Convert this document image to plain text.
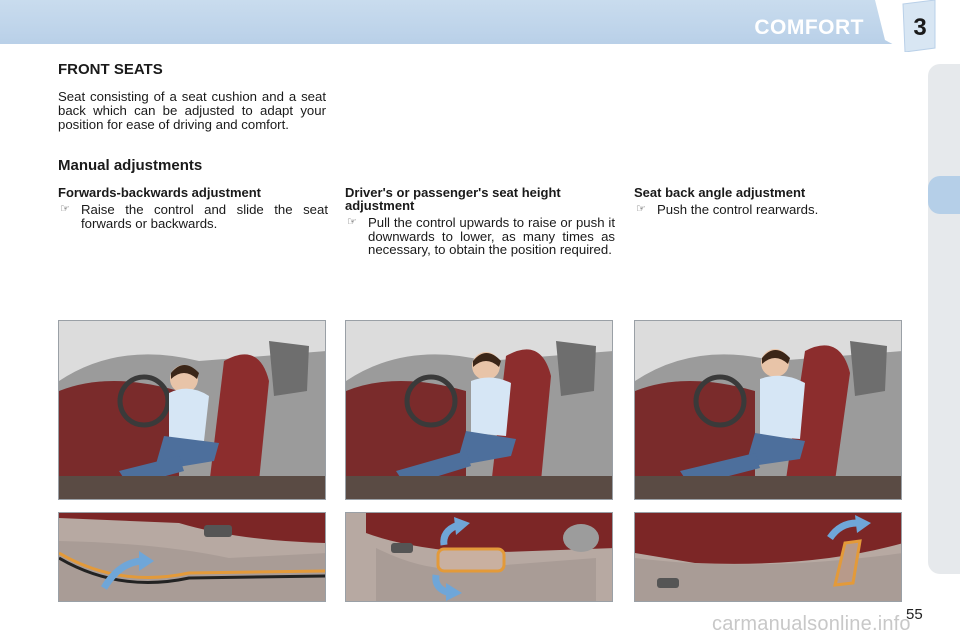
COMFORT	3
FRONT SEATS

Seat consisting of a seat cushion and a seat back which can be adjusted to adapt your position for ease of driving and comfort.

Manual adjustments

Forwards-backwards adjustment

☞ Raise the control and slide the seat forwards or backwards.

Driver's or passenger's seat height adjustment

☞ Pull the control upwards to raise or push it downwards to lower, as many times as necessary, to obtain the position required.

Seat back angle adjustment

☞ Push the control rearwards.
55
carmanualsonline.info
